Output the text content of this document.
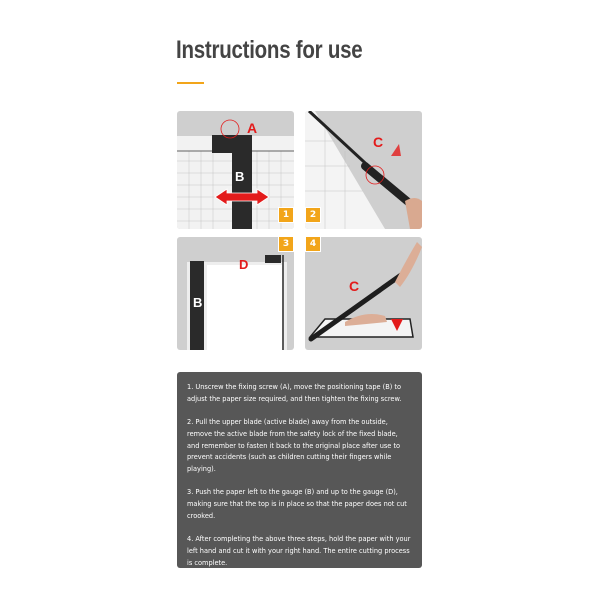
Instructions for use
A
B
C
D
B
C
1	2
3	4

1. Unscrew the fixing screw (A), move the positioning tape (B) to adjust the paper size required, and then tighten the fixing screw.

2. Pull the upper blade (active blade) away from the outside, remove the active blade from the safety lock of the fixed blade, and remember to fasten it back to the original place after use to prevent accidents (such as children cutting their fingers while playing).

3. Push the paper left to the gauge (B) and up to the gauge (D), making sure that the top is in place so that the paper does not cut crooked.

4. After completing the above three steps, hold the paper with your left hand and cut it with your right hand. The entire cutting process is complete.
